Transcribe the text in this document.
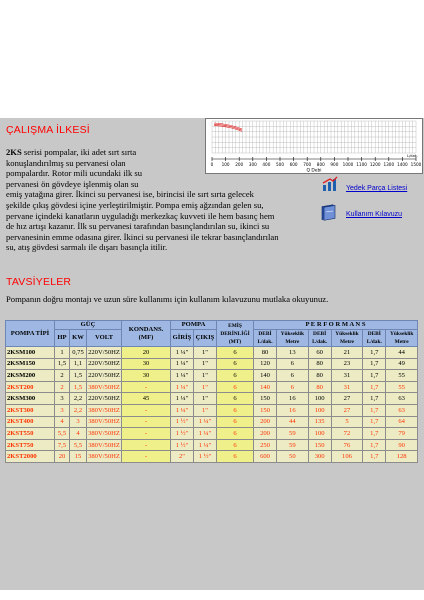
0 100 200 300 400 500 600 700 800 900 1000 1100 1200 1300 1400 1500
Q Debi
L/dak.
ÇALIŞMA İLKESİ
2KS serisi pompalar, iki adet sırt sırta
konuşlandırılmış su pervanesi olan
pompalardır. Rotor mili ucundaki ilk su
pervanesi ön gövdeye işlenmiş olan su
emiş yatağına girer. İkinci su pervanesi ise, birincisi ile sırt sırta gelecek
şekilde çıkış gövdesi içine yerleştirilmiştir. Pompa emiş ağzından gelen su,
pervane içindeki kanatların uyguladığı merkezkaç kuvveti ile hem basınç hem
de hız artışı kazanır. İlk su pervanesi tarafından basınçlandırılan su, ikinci su
pervanesinin emme odasına girer. İkinci su pervanesi ile tekrar basınçlandırılan
su, atış gövdesi sarmalı ile dışarı basınçla itilir.
Yedek Parça Listesi
Kullanım Kılavuzu
TAVSİYELER
Pompanın doğru montajı ve uzun süre kullanımı için kullanım kılavuzunu mutlaka okuyunuz.
POMPA TİPİ	GÜÇ			KONDANS.(MF)	POMPA		EMİŞ DERİNLİĞİ (MT)	P E R F O R M A N S					
	HP	KW	VOLT		GİRİŞ	ÇIKIŞ		DEBİ L/dak.	Yükseklik Metre	DEBİ L/dak.	Yükseklik Metre	DEBİ L/dak.	Yükseklik Metre
2KSM100	1	0,75	220V/50HZ	20	1 ¼"	1"	6	80	13	60	21	1,7	44
2KSM150	1,5	1,1	220V/50HZ	30	1 ¼"	1"	6	120	6	80	23	1,7	49
2KSM200	2	1,5	220V/50HZ	30	1 ¼"	1"	6	140	6	80	31	1,7	55
2KST200	2	1,5	380V/50HZ	-	1 ¼"	1"	6	140	6	80	31	1,7	55
2KSM300	3	2,2	220V/50HZ	45	1 ¼"	1"	6	150	16	100	27	1,7	63
2KST300	3	2,2	380V/50HZ	-	1 ¼"	1"	6	150	16	100	27	1,7	63
2KST400	4	3	380V/50HZ	-	1 ½"	1 ¼"	6	200	44	135	5	1,7	64
2KST550	5,5	4	380V/50HZ	-	1 ½"	1 ¼"	6	200	59	100	72	1,7	79
2KST750	7,5	5,5	380V/50HZ	-	1 ½"	1 ¼"	6	250	59	150	76	1,7	90
2KST2000	20	15	380V/50HZ	-	2"	1 ½"	6	600	50	300	106	1,7	128
